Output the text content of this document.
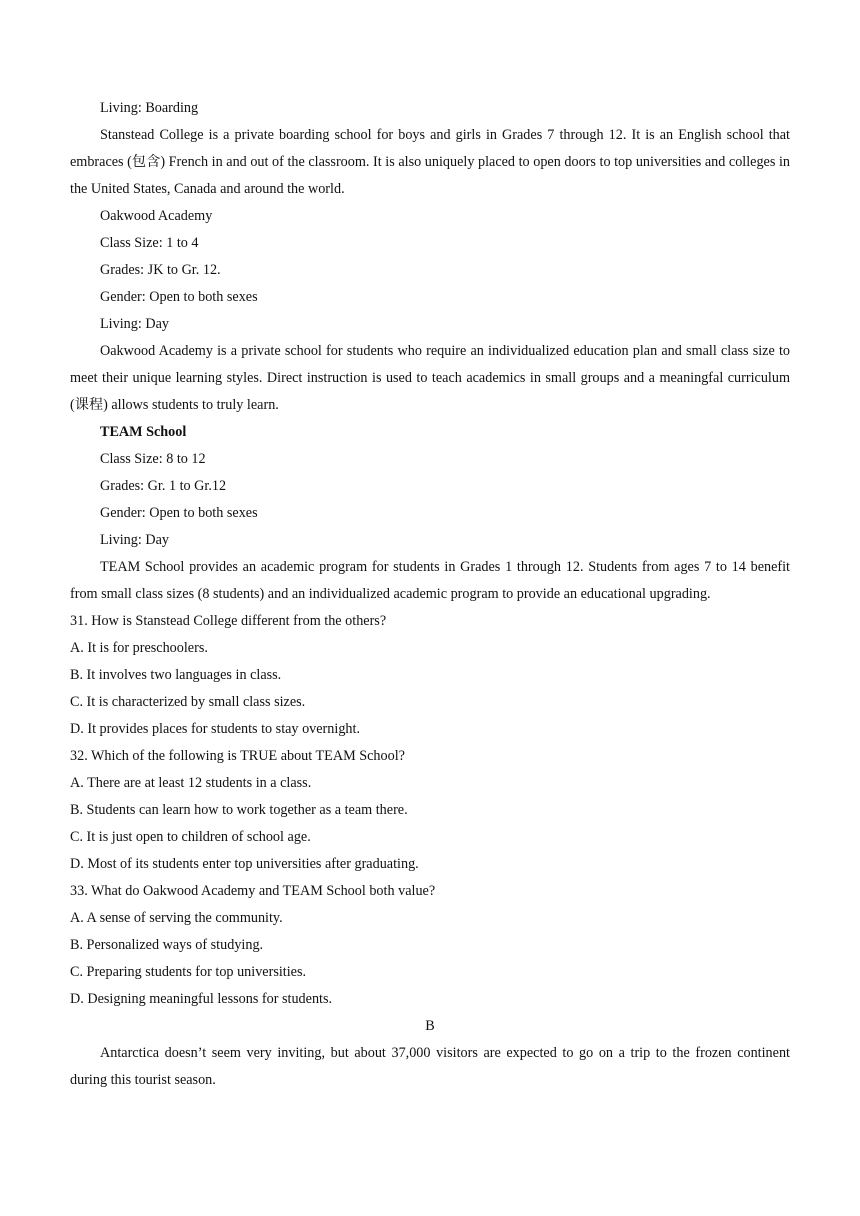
Living: Boarding

Stanstead College is a private boarding school for boys and girls in Grades 7 through 12. It is an English school that embraces (包含) French in and out of the classroom. It is also uniquely placed to open doors to top universities and colleges in the United States, Canada and around the world.

Oakwood Academy

Class Size: 1 to 4

Grades: JK to Gr. 12.

Gender: Open to both sexes

Living: Day

Oakwood Academy is a private school for students who require an individualized education plan and small class size to meet their unique learning styles. Direct instruction is used to teach academics in small groups and a meaningfal curriculum (课程) allows students to truly learn.

TEAM School

Class Size: 8 to 12

Grades: Gr. 1 to Gr.12

Gender: Open to both sexes

Living: Day

TEAM School provides an academic program for students in Grades 1 through 12. Students from ages 7 to 14 benefit from small class sizes (8 students) and an individualized academic program to provide an educational upgrading.

31. How is Stanstead College different from the others?

A. It is for preschoolers.

B. It involves two languages in class.

C. It is characterized by small class sizes.

D. It provides places for students to stay overnight.

32. Which of the following is TRUE about TEAM School?

A. There are at least 12 students in a class.

B. Students can learn how to work together as a team there.

C. It is just open to children of school age.

D. Most of its students enter top universities after graduating.

33. What do Oakwood Academy and TEAM School both value?

A. A sense of serving the community.

B. Personalized ways of studying.

C. Preparing students for top universities.

D. Designing meaningful lessons for students.

B

Antarctica doesn’t seem very inviting, but about 37,000 visitors are expected to go on a trip to the frozen continent during this tourist season.
